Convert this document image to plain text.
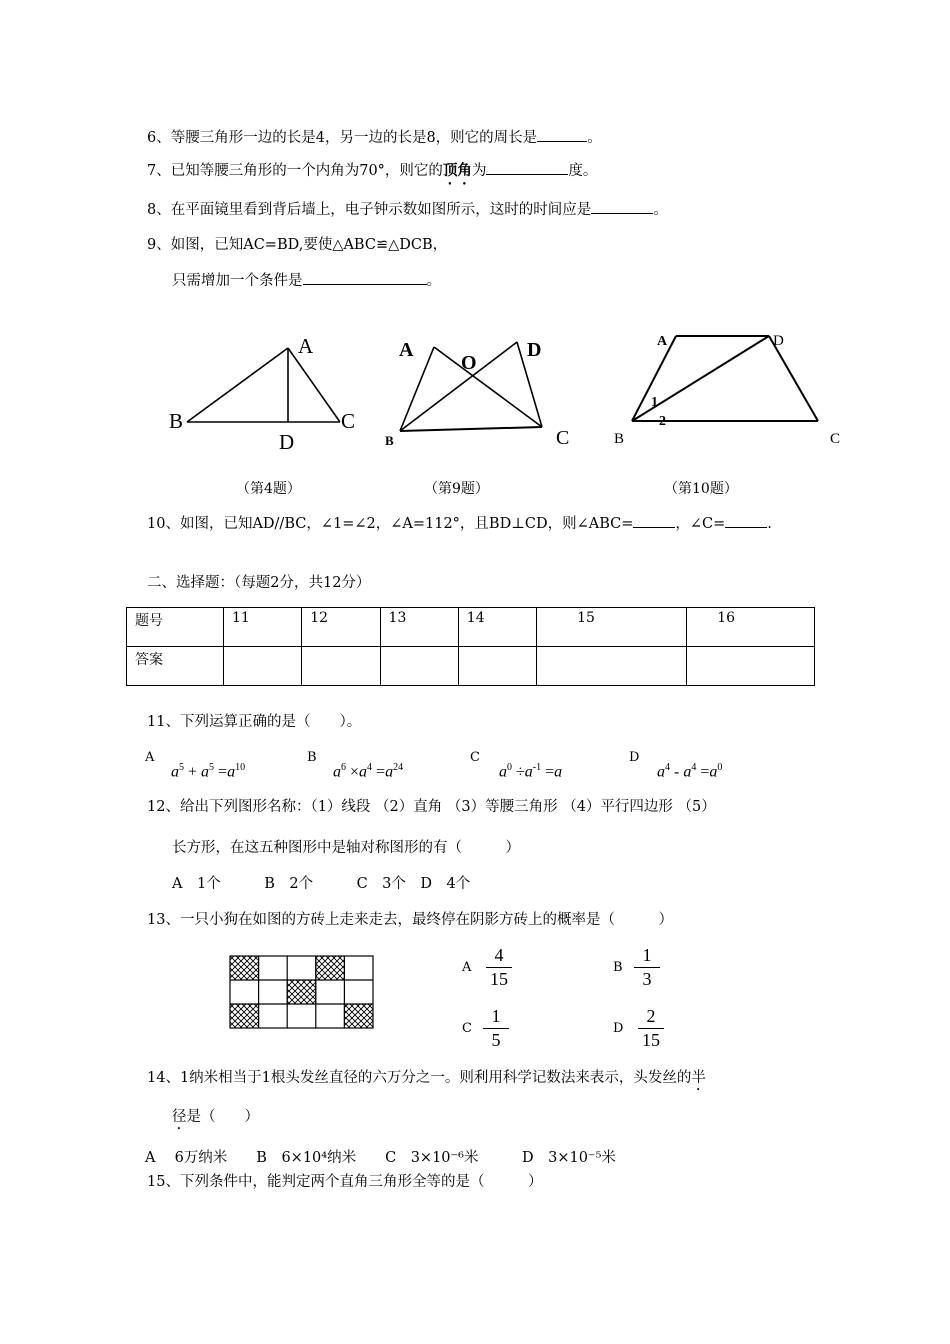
6、等腰三角形一边的长是4，另一边的长是8，则它的周长是	。
7、已知等腰三角形的一个内角为70°，则它的顶角为	度。
8、在平面镜里看到背后墙上，电子钟示数如图所示，这时的时间应是	。
9、如图，已知AC=BD,要使△ABC≌△DCB，
只需增加一个条件是	。
A
B	C
D
A
O
D
B	C
A	D
B	C
1
2
（第4题）	（第9题）	（第10题）
10、如图，已知AD//BC，∠1=∠2，∠A=112°，且BD⊥CD，则∠ABC=	，∠C=	.
二、选择题：（每题2分，共12分）
题号	11	12	13	14	15	16
答案						
11、下列运算正确的是（　　）。
A
$a^5 + a^5 =a^{10}$
B
$a^6 \times a^4 =a^{24}$
C
$a^0 \div a^{-1} =a$
D
$a^4 - a^4 =a^0$
12、给出下列图形名称：（1）线段 （2）直角 （3）等腰三角形 （4）平行四边形 （5）
长方形，在这五种图形中是轴对称图形的有（　　　）
A　1个　　　B　2个　　　C　3个　D　4个
13、一只小狗在如图的方砖上走来走去，最终停在阴影方砖上的概率是（　　　）
A $\frac{4}{15}$	B $\frac{1}{3}$
C $\frac{1}{5}$	D $\frac{2}{15}$
14、1纳米相当于1根头发丝直径的六万分之一。则利用科学记数法来表示，头发丝的半
径是（　　）
A　 6万纳米　　B　6×10⁴纳米　　C　3×10⁻⁶米　　　D　3×10⁻⁵米
15、下列条件中，能判定两个直角三角形全等的是（　　　）
